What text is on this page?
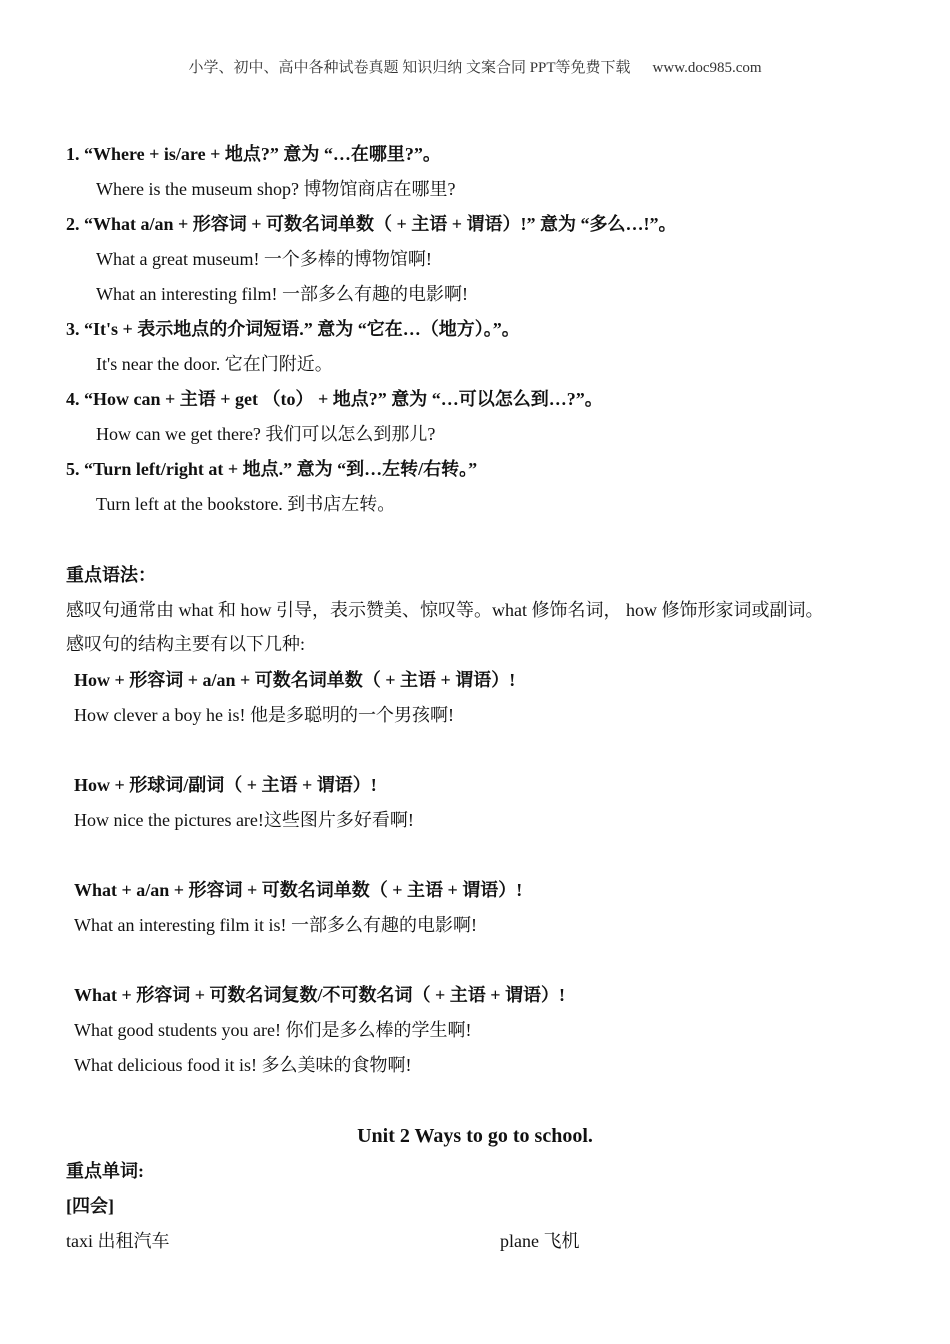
小学、初中、高中各种试卷真题 知识归纳 文案合同 PPT等免费下载 www.doc985.com
1. “Where + is/are + 地点?” 意为 “…在哪里?”。
Where is the museum shop? 博物馆商店在哪里?
2. “What a/an + 形容词 + 可数名词单数（ + 主语 + 谓语）!” 意为 “多么…!”。
What a great museum! 一个多棒的博物馆啊!
What an interesting film! 一部多么有趣的电影啊!
3. “It's + 表示地点的介词短语.” 意为 “它在…（地方）。”。
It's near the door. 它在门附近。
4. “How can + 主语 + get （to） + 地点?” 意为 “…可以怎么到…?”。
How can we get there? 我们可以怎么到那儿?
5. “Turn left/right at + 地点.” 意为 “到…左转/右转。”
Turn left at the bookstore. 到书店左转。
重点语法：
感叹句通常由 what 和 how 引导，表示赞美、惊叹等。what 修饰名词， how 修饰形家词或副词。
感叹句的结构主要有以下几种:
How + 形容词 + a/an + 可数名词单数（ + 主语 + 谓语）!
How clever a boy he is! 他是多聪明的一个男孩啊!
How + 形球词/副词（ + 主语 + 谓语）!
How nice the pictures are!这些图片多好看啊!
What + a/an + 形容词 + 可数名词单数（ + 主语 + 谓语）!
What an interesting film it is! 一部多么有趣的电影啊!
What + 形容词 + 可数名词复数/不可数名词（ + 主语 + 谓语）!
What good students you are! 你们是多么棒的学生啊!
What delicious food it is! 多么美味的食物啊!
Unit 2 Ways to go to school.
重点单词:
[四会]
taxi 出租汽车	plane 飞机
